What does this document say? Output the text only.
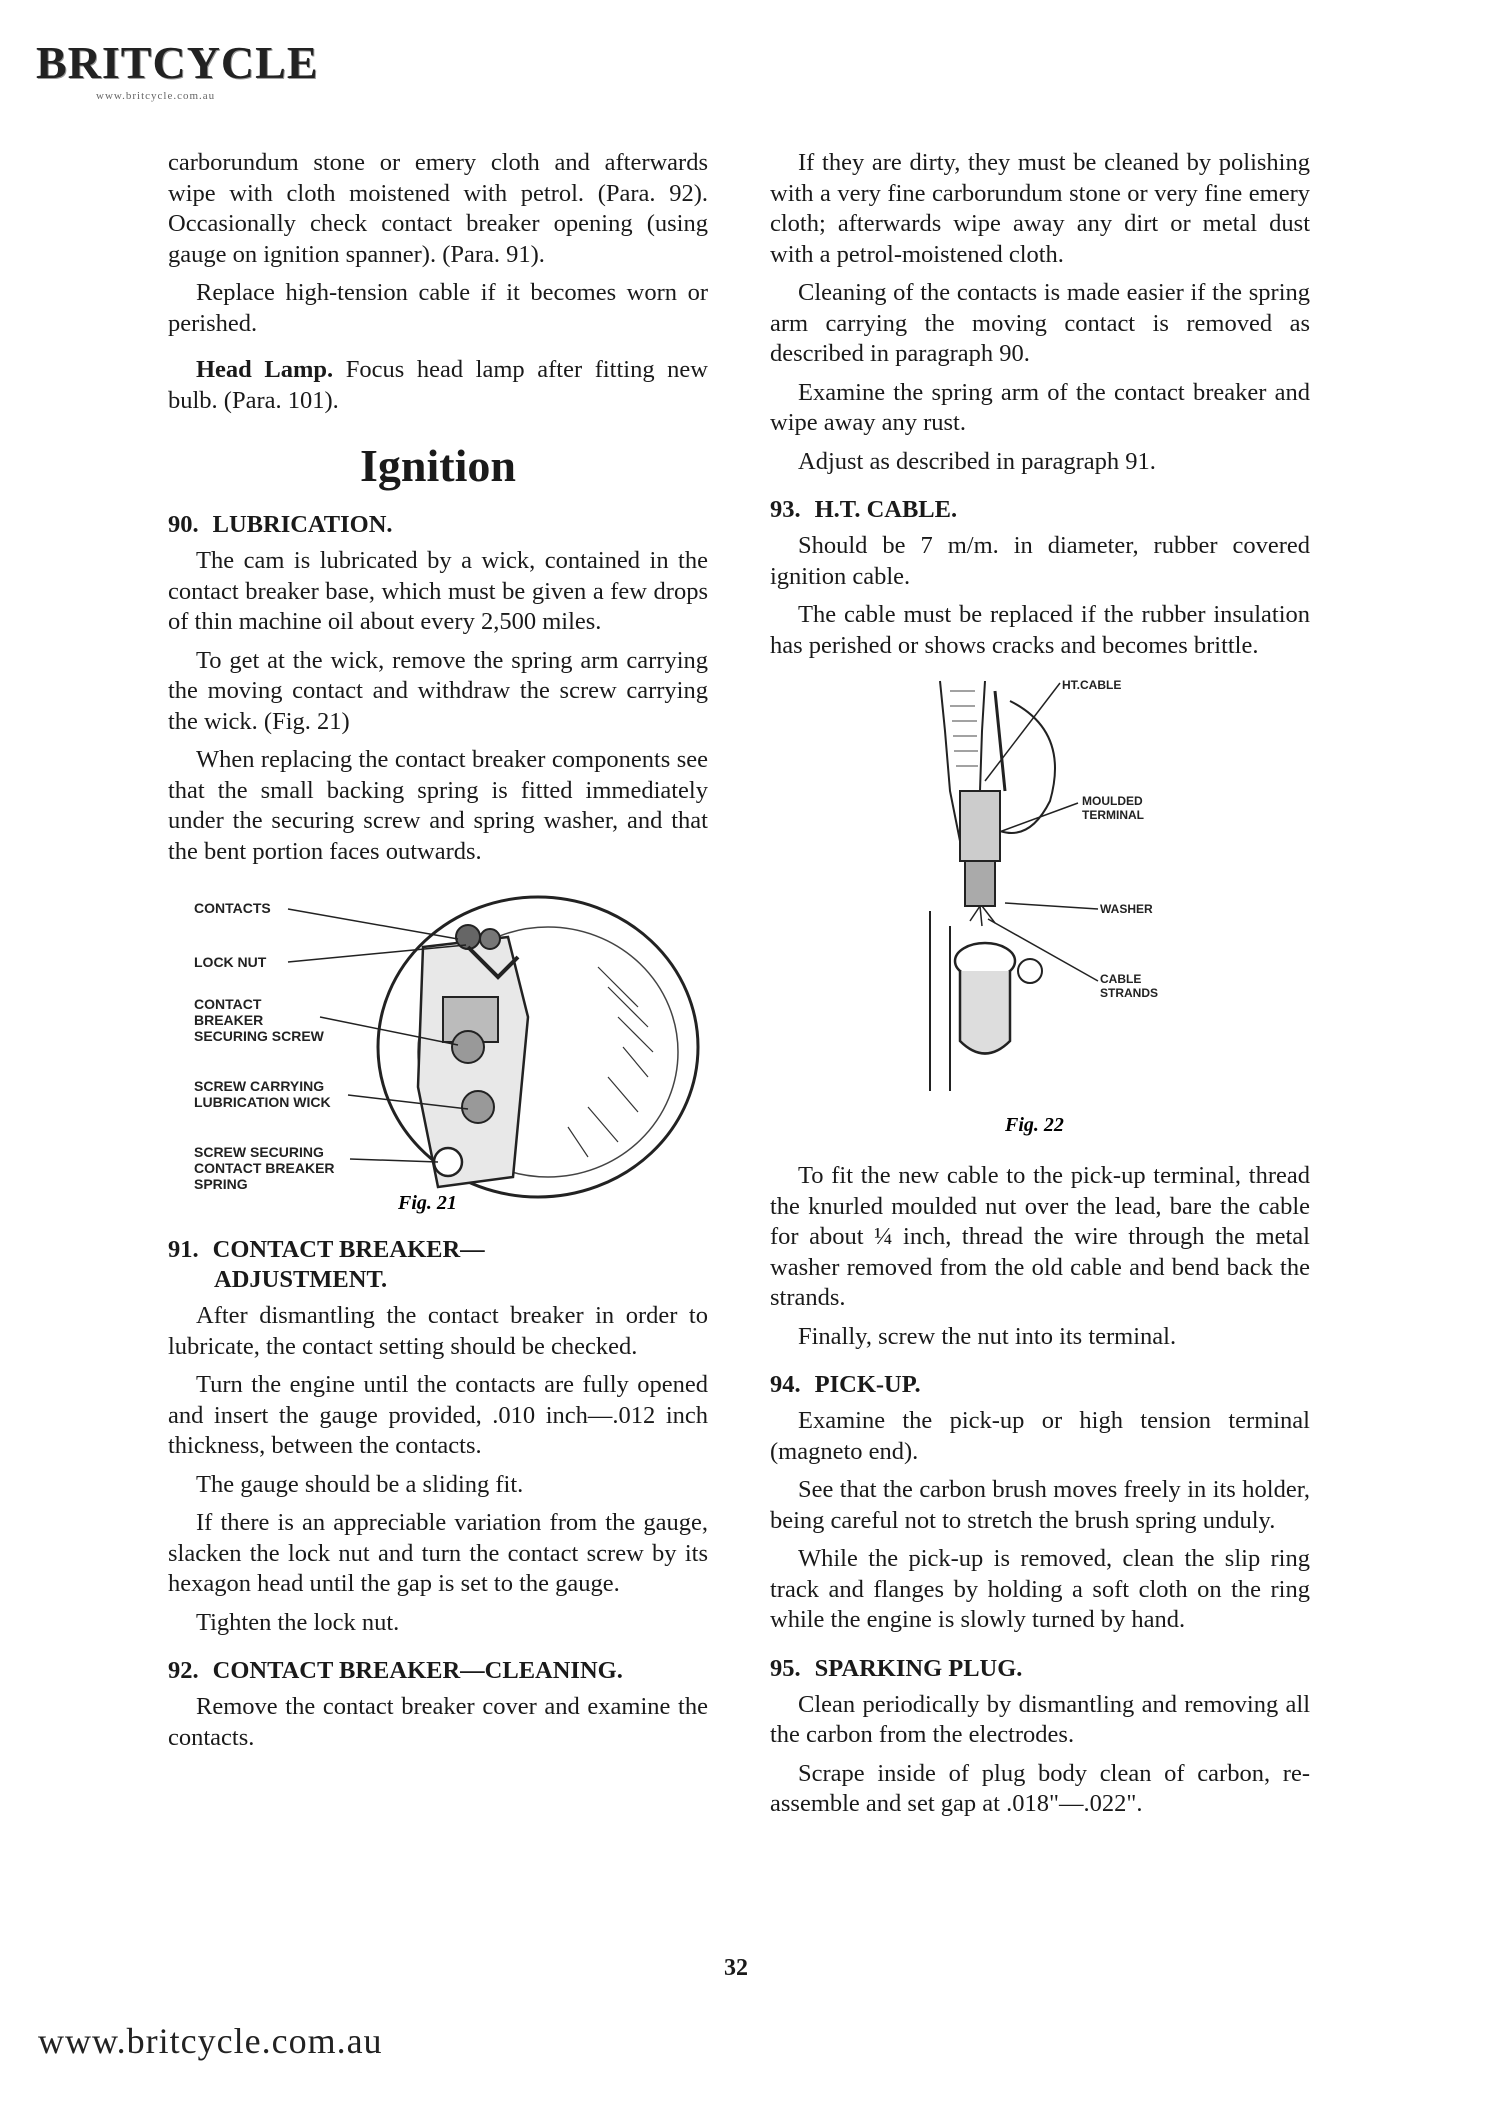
BRITCYCLE
www.britcycle.com.au

carborundum stone or emery cloth and afterwards wipe with cloth moistened with petrol. (Para. 92). Occasionally check contact breaker opening (using gauge on ignition spanner). (Para. 91).

Replace high-tension cable if it becomes worn or perished.

Head Lamp. Focus head lamp after fitting new bulb. (Para. 101).

Ignition
90. LUBRICATION.

The cam is lubricated by a wick, contained in the contact breaker base, which must be given a few drops of thin machine oil about every 2,500 miles.

To get at the wick, remove the spring arm carrying the moving contact and withdraw the screw carrying the wick. (Fig. 21)

When replacing the contact breaker components see that the small backing spring is fitted immediately under the securing screw and spring washer, and that the bent portion faces outwards.

CONTACTS
LOCK NUT
CONTACT
BREAKER
SECURING SCREW
SCREW CARRYING
LUBRICATION WICK
SCREW SECURING
CONTACT BREAKER
SPRING
Fig. 21
91. CONTACT BREAKER—
ADJUSTMENT.

After dismantling the contact breaker in order to lubricate, the contact setting should be checked.

Turn the engine until the contacts are fully opened and insert the gauge provided, .010 inch—.012 inch thickness, between the contacts.

The gauge should be a sliding fit.

If there is an appreciable variation from the gauge, slacken the lock nut and turn the contact screw by its hexagon head until the gap is set to the gauge.

Tighten the lock nut.

92. CONTACT BREAKER—CLEANING.

Remove the contact breaker cover and examine the contacts.

If they are dirty, they must be cleaned by polishing with a very fine carborundum stone or very fine emery cloth; afterwards wipe away any dirt or metal dust with a petrol-moistened cloth.

Cleaning of the contacts is made easier if the spring arm carrying the moving contact is removed as described in paragraph 90.

Examine the spring arm of the contact breaker and wipe away any rust.

Adjust as described in paragraph 91.

93. H.T. CABLE.

Should be 7 m/m. in diameter, rubber covered ignition cable.

The cable must be replaced if the rubber insulation has perished or shows cracks and becomes brittle.

HT.CABLE
MOULDED
TERMINAL
WASHER
CABLE
STRANDS
Fig. 22

To fit the new cable to the pick-up terminal, thread the knurled moulded nut over the lead, bare the cable for about ¼ inch, thread the wire through the metal washer removed from the old cable and bend back the strands.

Finally, screw the nut into its terminal.

94. PICK-UP.

Examine the pick-up or high tension terminal (magneto end).

See that the carbon brush moves freely in its holder, being careful not to stretch the brush spring unduly.

While the pick-up is removed, clean the slip ring track and flanges by holding a soft cloth on the ring while the engine is slowly turned by hand.

95. SPARKING PLUG.

Clean periodically by dismantling and removing all the carbon from the electrodes.

Scrape inside of plug body clean of carbon, re-assemble and set gap at .018"—.022".

32
www.britcycle.com.au
